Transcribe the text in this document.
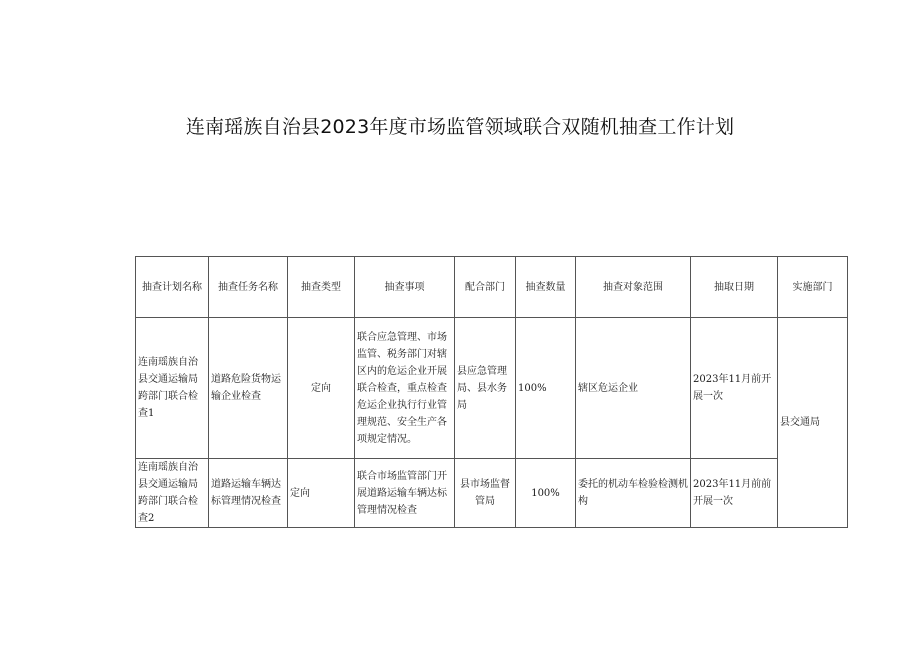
连南瑶族自治县2023年度市场监管领域联合双随机抽查工作计划
抽查计划名称	抽查任务名称	抽查类型	抽查事项	配合部门	抽查数量	抽查对象范围	抽取日期	实施部门
连南瑶族自治县交通运输局跨部门联合检查1	道路危险货物运输企业检查	定向	联合应急管理、市场监管、税务部门对辖区内的危运企业开展联合检查，重点检查危运企业执行行业管理规范、安全生产各项规定情况。	县应急管理局、县水务局	100%	辖区危运企业	2023年11月前开展一次	县交通局
连南瑶族自治县交通运输局跨部门联合检查2	道路运输车辆达标管理情况检查	定向	联合市场监管部门开展道路运输车辆达标管理情况检查	县市场监督管局	100%	委托的机动车检验检测机构	2023年11月前前开展一次	
